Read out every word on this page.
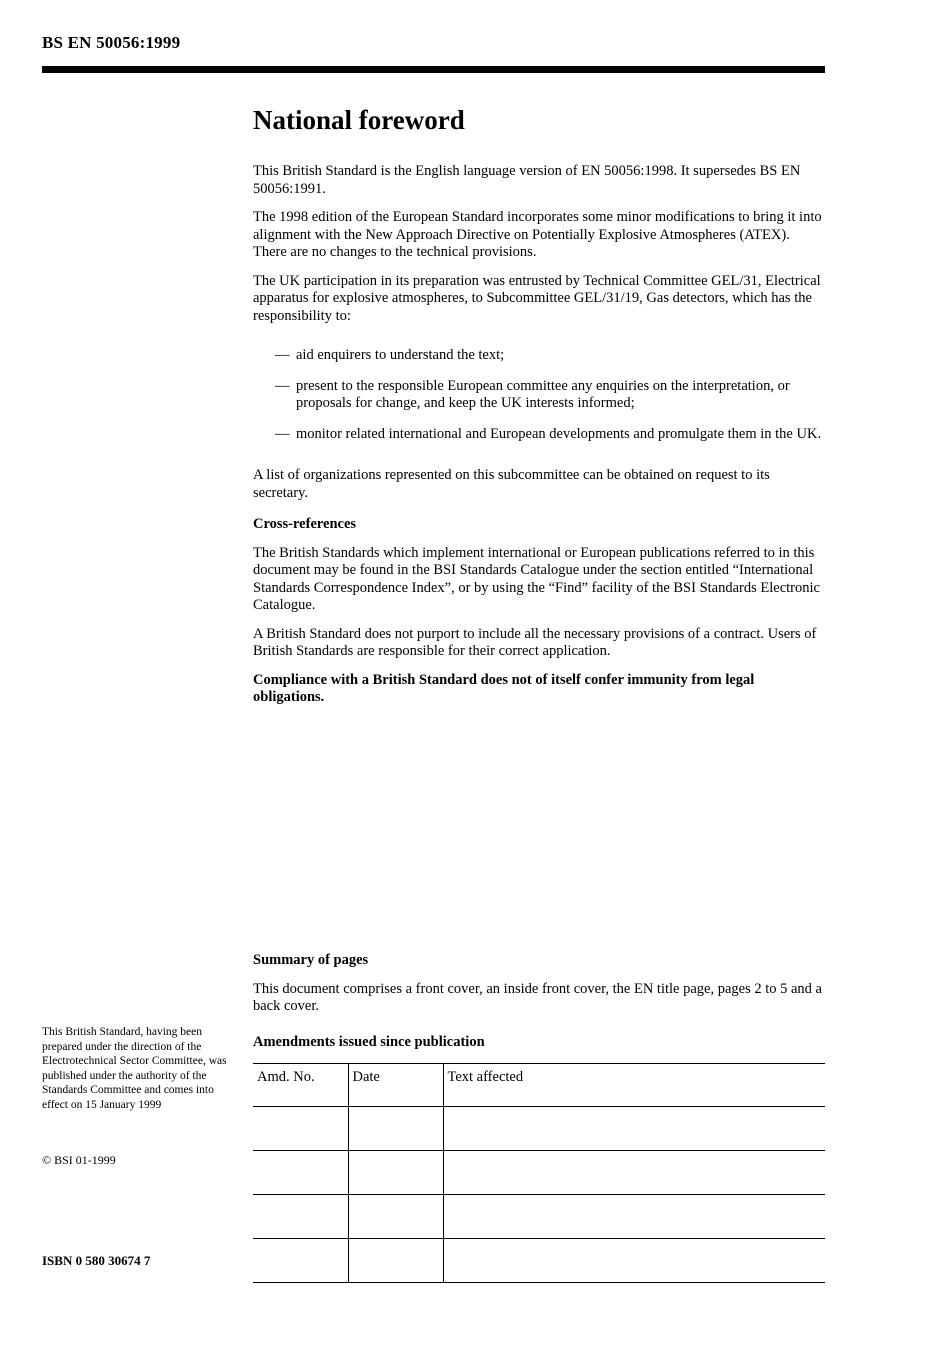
BS EN 50056:1999
National foreword

This British Standard is the English language version of EN 50056:1998. It supersedes BS EN 50056:1991.

The 1998 edition of the European Standard incorporates some minor modifications to bring it into alignment with the New Approach Directive on Potentially Explosive Atmospheres (ATEX). There are no changes to the technical provisions.

The UK participation in its preparation was entrusted by Technical Committee GEL/31, Electrical apparatus for explosive atmospheres, to Subcommittee GEL/31/19, Gas detectors, which has the responsibility to:

— aid enquirers to understand the text;
— present to the responsible European committee any enquiries on the interpretation, or proposals for change, and keep the UK interests informed;
— monitor related international and European developments and promulgate them in the UK.

A list of organizations represented on this subcommittee can be obtained on request to its secretary.

Cross-references

The British Standards which implement international or European publications referred to in this document may be found in the BSI Standards Catalogue under the section entitled “International Standards Correspondence Index”, or by using the “Find” facility of the BSI Standards Electronic Catalogue.

A British Standard does not purport to include all the necessary provisions of a contract. Users of British Standards are responsible for their correct application.

Compliance with a British Standard does not of itself confer immunity from legal obligations.

Summary of pages

This document comprises a front cover, an inside front cover, the EN title page, pages 2 to 5 and a back cover.

Amendments issued since publication
Amd. No.	Date	Text affected

This British Standard, having been prepared under the direction of the Electrotechnical Sector Committee, was published under the authority of the Standards Committee and comes into effect on 15 January 1999
© BSI 01-1999
ISBN 0 580 30674 7
